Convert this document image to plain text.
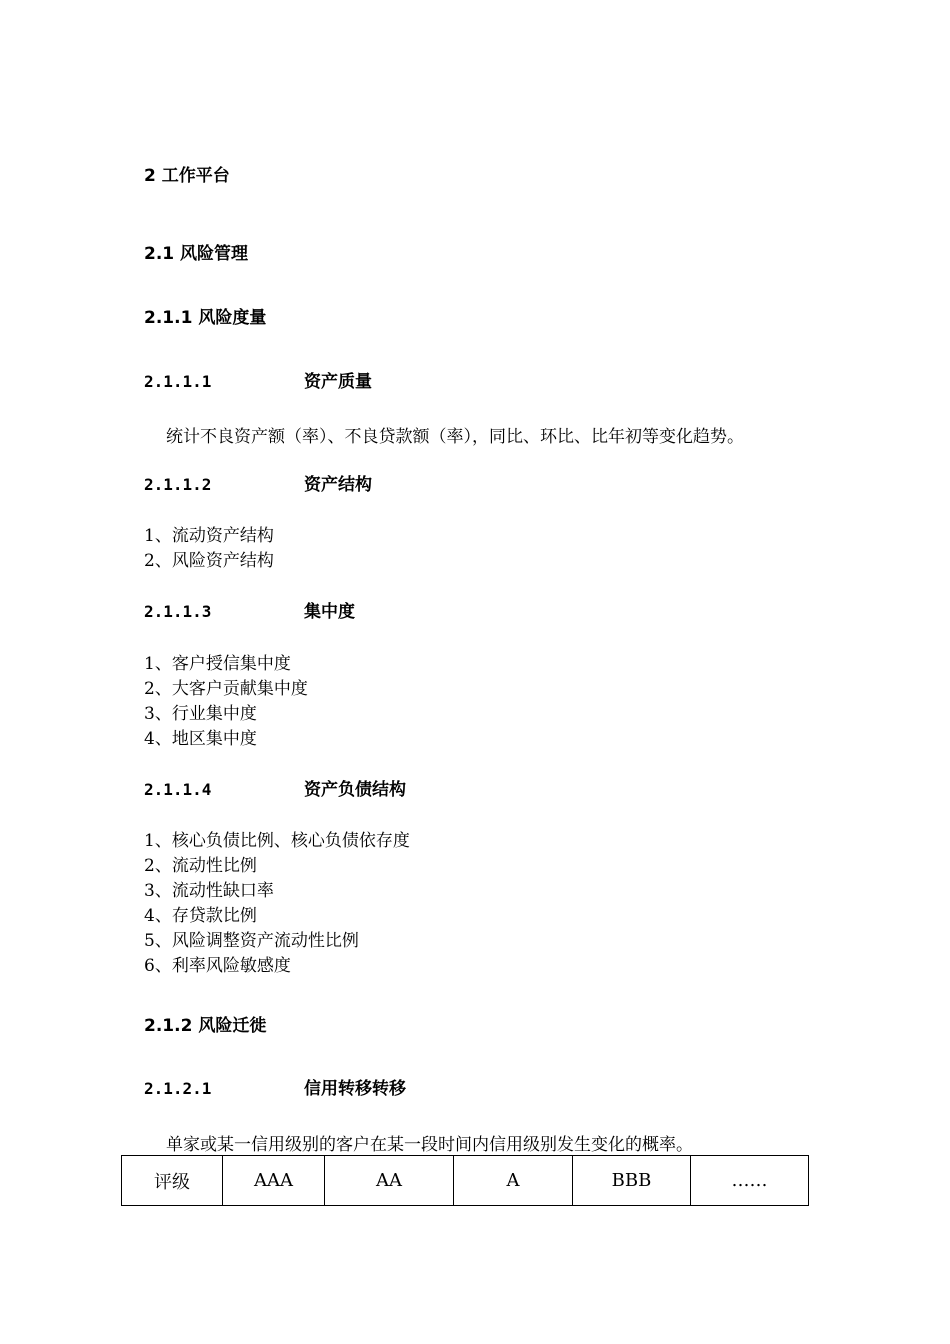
2 工作平台
2.1 风险管理
2.1.1 风险度量
2.1.1.1	资产质量
统计不良资产额（率）、不良贷款额（率），同比、环比、比年初等变化趋势。
2.1.1.2	资产结构
1、流动资产结构
2、风险资产结构
2.1.1.3	集中度
1、客户授信集中度
2、大客户贡献集中度
3、行业集中度
4、地区集中度
2.1.1.4	资产负债结构
1、核心负债比例、核心负债依存度
2、流动性比例
3、流动性缺口率
4、存贷款比例
5、风险调整资产流动性比例
6、利率风险敏感度
2.1.2 风险迁徙
2.1.2.1	信用转移转移
单家或某一信用级别的客户在某一段时间内信用级别发生变化的概率。
评级	AAA	AA	A	BBB	……
